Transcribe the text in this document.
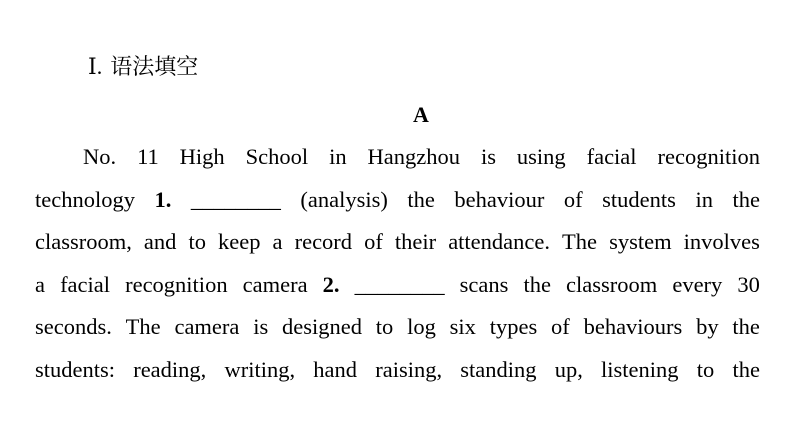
Ⅰ. 语法填空
A
No. 11 High School in Hangzhou is using facial recognition
technology 1. ________ (analysis) the behaviour of students in the
classroom, and to keep a record of their attendance. The system involves
a facial recognition camera 2. ________ scans the classroom every 30
seconds. The camera is designed to log six types of behaviours by the
students: reading, writing, hand raising, standing up, listening to the
